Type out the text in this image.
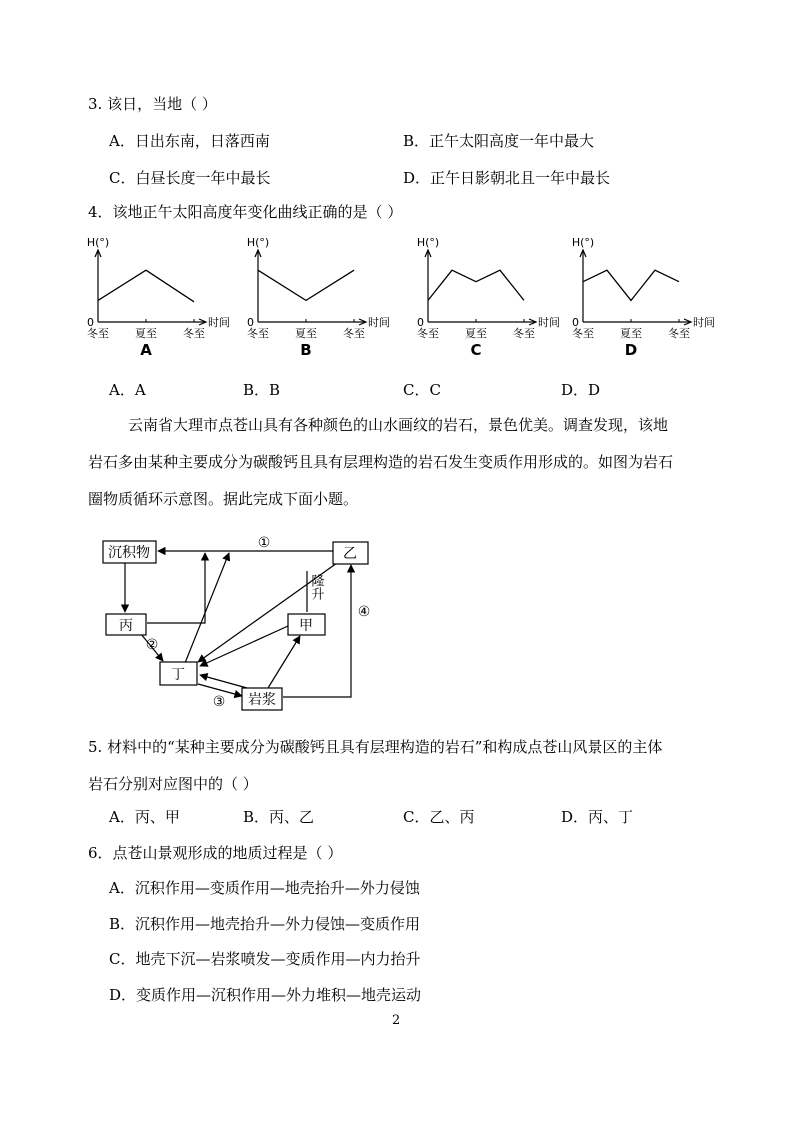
3. 该日，当地（ ）
A．日出东南，日落西南	B．正午太阳高度一年中最大
C．白昼长度一年中最长	D．正午日影朝北且一年中最长
4．该地正午太阳高度年变化曲线正确的是（ ）
冬至 夏至 冬至
H(°)
0	时间
A
冬至 夏至 冬至
H(°)
0	时间
B
冬至 夏至 冬至
H(°)
0	时间
C
冬至 夏至 冬至
H(°)
0	时间
D
A．A	B．B	C．C	D．D

云南省大理市点苍山具有各种颜色的山水画纹的岩石，景色优美。调查发现，该地

岩石多由某种主要成分为碳酸钙且具有层理构造的岩石发生变质作用形成的。如图为岩石

圈物质循环示意图。据此完成下面小题。

沉积物	乙
丙	甲
丁
岩浆
①
②
③
④
隆升

5. 材料中的“某种主要成分为碳酸钙且具有层理构造的岩石”和构成点苍山风景区的主体

岩石分别对应图中的（ ）

A．丙、甲	B．丙、乙	C．乙、丙	D．丙、丁
6．点苍山景观形成的地质过程是（ ）
A．沉积作用—变质作用—地壳抬升—外力侵蚀
B．沉积作用—地壳抬升—外力侵蚀—变质作用
C．地壳下沉—岩浆喷发—变质作用—内力抬升
D．变质作用—沉积作用—外力堆积—地壳运动
2
